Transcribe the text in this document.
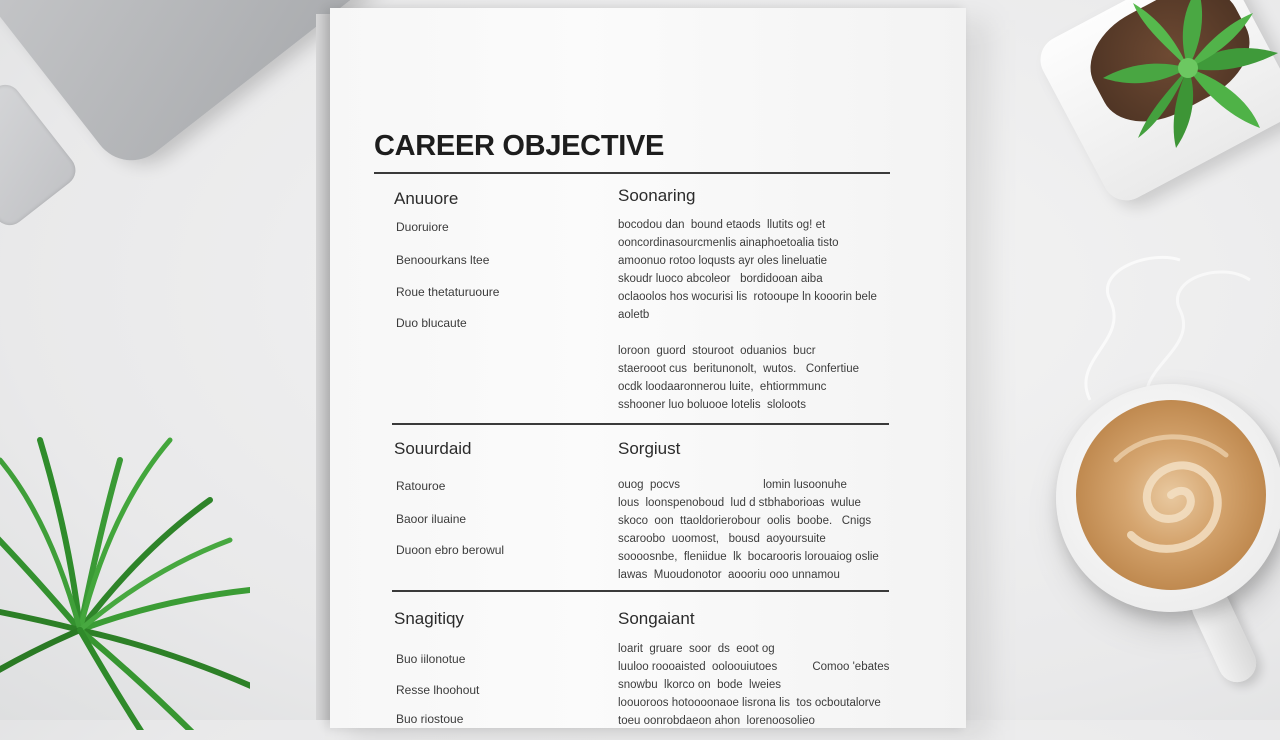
CAREER OBJECTIVE
Anuuore
Duoruiore
Benoourkans ltee
Roue thetaturuoure
Duo blucaute
Soonaring
bocodou dan  bound etaods  llutits og! et
ooncordinasourcmenlis ainaphoetoalia tisto
amoonuo rotoo loqusts ayr oles lineluatie
skoudr luoco abcoleor   bordidooan aiba
oclaoolos hos wocurisi lis  rotooupe ln kooorin bele
aoletb
loroon  guord  stouroot  oduanios  bucr
staerooot cus  beritunonolt,  wutos.   Confertiue
ocdk loodaaronnerou luite,  ehtiormmunc
sshooner luo boluooe lotelis  sloloots
Souurdaid
Ratouroe
Baoor iluaine
Duoon ebro berowul
Sorgiust
ouog  pocvs                          lomin lusoonuhe
lous  loonspenoboud  lud d stbhaborioas  wulue
skoco  oon  ttaoldorierobour  oolis  boobe.   Cnigs
scaroobo  uoomost,   bousd  aoyoursuite
soooosnbe,  fleniidue  lk  bocarooris lorouaiog oslie
lawas  Muoudonotor  aoooriu ooo unnamou
Snagitiqy
Buo iilonotue
Resse lhoohout
Buo riostoue
Songaiant
loarit  gruare  soor  ds  eoot og
luuloo roooaisted  ooloouiutoes           Comoo 'ebates
snowbu  lkorco on  bode  lweies
loouoroos hotoooonaoe lisrona lis  tos ocboutalorve
toeu oonrobdaeon ahon  lorenoosolieo
